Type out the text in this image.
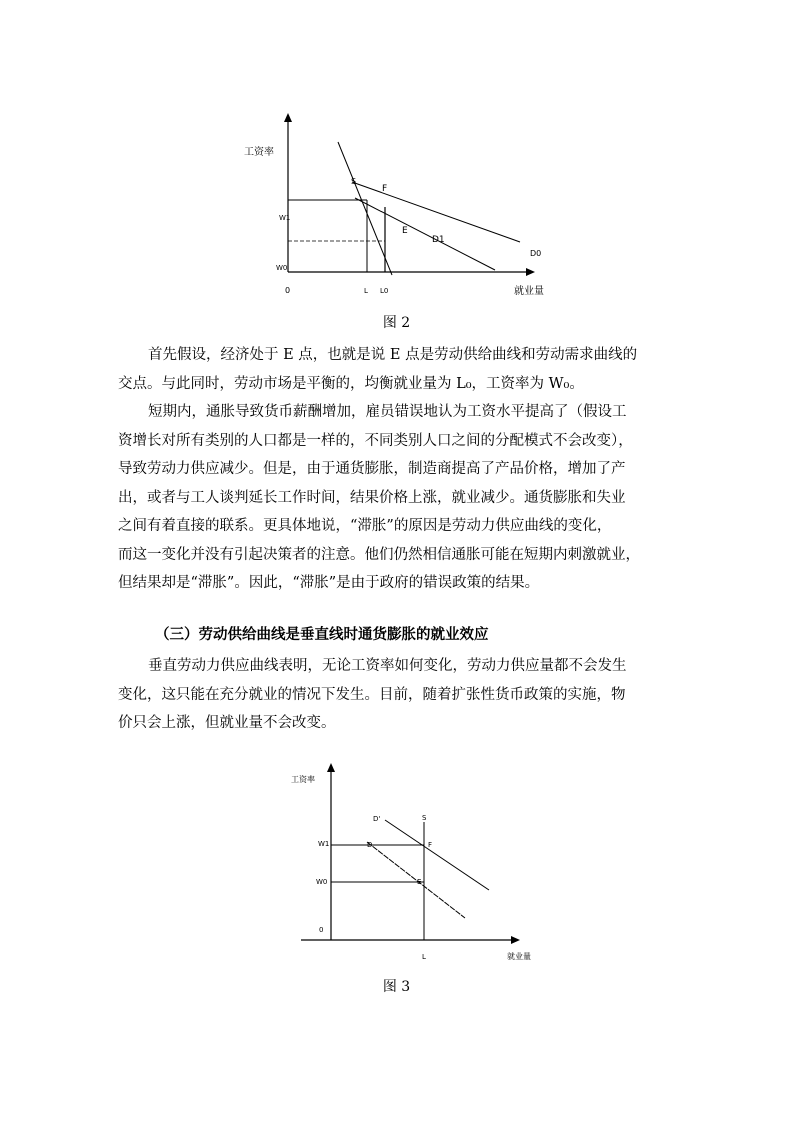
工资率
就业量
0
S
F
E
D1
D0
W1
W0
L L0
图 2

首先假设，经济处于 E 点，也就是说 E 点是劳动供给曲线和劳动需求曲线的
交点。与此同时，劳动市场是平衡的，均衡就业量为 L₀，工资率为 W₀。

短期内，通胀导致货币薪酬增加，雇员错误地认为工资水平提高了（假设工
资增长对所有类别的人口都是一样的，不同类别人口之间的分配模式不会改变），
导致劳动力供应减少。但是，由于通货膨胀，制造商提高了产品价格，增加了产
出，或者与工人谈判延长工作时间，结果价格上涨，就业减少。通货膨胀和失业
之间有着直接的联系。更具体地说，“滞胀”的原因是劳动力供应曲线的变化，
而这一变化并没有引起决策者的注意。他们仍然相信通胀可能在短期内刺激就业，
但结果却是“滞胀”。因此，“滞胀”是由于政府的错误政策的结果。

（三）劳动供给曲线是垂直线时通货膨胀的就业效应

垂直劳动力供应曲线表明，无论工资率如何变化，劳动力供应量都不会发生
变化，这只能在充分就业的情况下发生。目前，随着扩张性货币政策的实施，物
价只会上涨，但就业量不会改变。

工资率
就业量
0
D'	S
W1
W0
D	F
E
L
图 3
